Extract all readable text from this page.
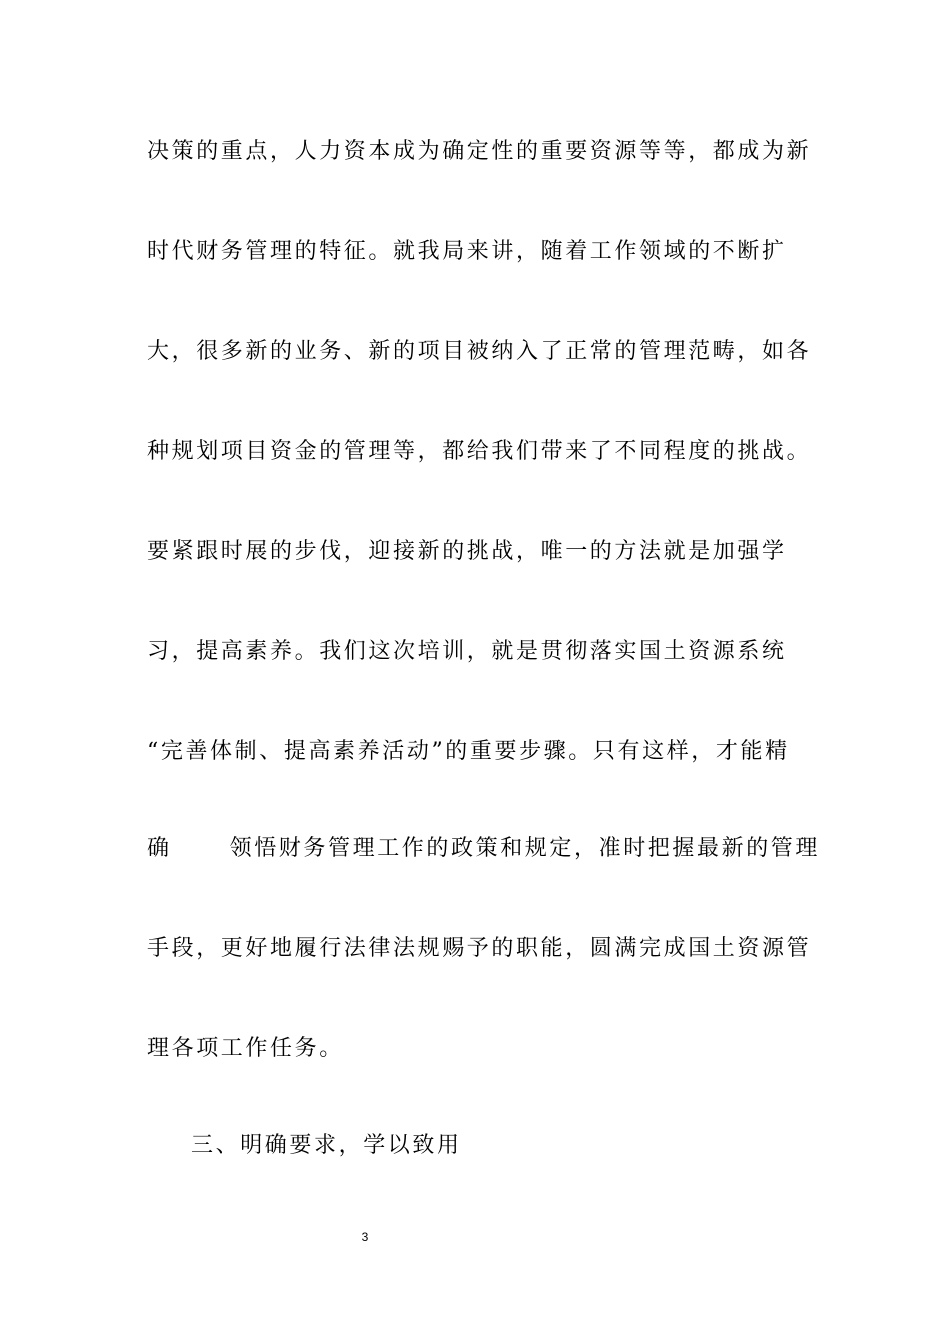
决策的重点，人力资本成为确定性的重要资源等等，都成为新
时代财务管理的特征。就我局来讲，随着工作领域的不断扩
大，很多新的业务、新的项目被纳入了正常的管理范畴，如各
种规划项目资金的管理等，都给我们带来了不同程度的挑战。
要紧跟时展的步伐，迎接新的挑战，唯一的方法就是加强学
习，提高素养。我们这次培训，就是贯彻落实国土资源系统
“完善体制、提高素养活动”的重要步骤。只有这样，才能精
确	领悟财务管理工作的政策和规定，准时把握最新的管理
手段，更好地履行法律法规赐予的职能，圆满完成国土资源管
理各项工作任务。
三、明确要求，学以致用
3
